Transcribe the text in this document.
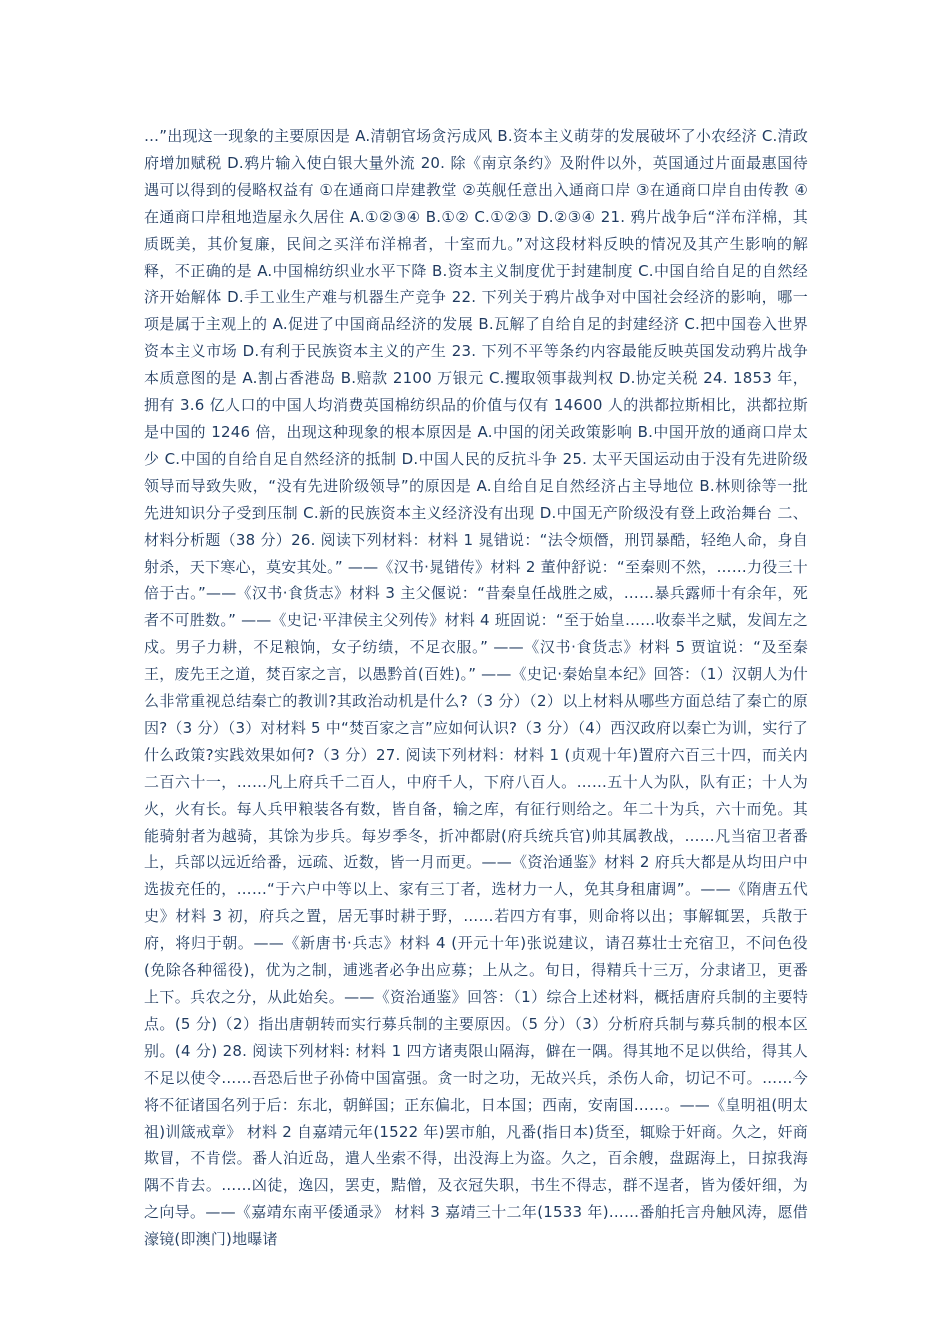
…”出现这一现象的主要原因是 A.清朝官场贪污成风 B.资本主义萌芽的发展破坏了小农经济 C.清政府增加赋税 D.鸦片输入使白银大量外流 20. 除《南京条约》及附件以外，英国通过片面最惠国待遇可以得到的侵略权益有 ①在通商口岸建教堂 ②英舰任意出入通商口岸 ③在通商口岸自由传教 ④在通商口岸租地造屋永久居住 A.①②③④ B.①② C.①②③ D.②③④ 21. 鸦片战争后“洋布洋棉，其质既美，其价复廉，民间之买洋布洋棉者，十室而九。”对这段材料反映的情况及其产生影响的解释，不正确的是 A.中国棉纺织业水平下降 B.资本主义制度优于封建制度 C.中国自给自足的自然经济开始解体 D.手工业生产难与机器生产竞争 22. 下列关于鸦片战争对中国社会经济的影响，哪一项是属于主观上的 A.促进了中国商品经济的发展 B.瓦解了自给自足的封建经济 C.把中国卷入世界资本主义市场 D.有利于民族资本主义的产生 23. 下列不平等条约内容最能反映英国发动鸦片战争本质意图的是 A.割占香港岛 B.赔款 2100 万银元 C.攫取领事裁判权 D.协定关税 24. 1853 年，拥有 3.6 亿人口的中国人均消费英国棉纺织品的价值与仅有 14600 人的洪都拉斯相比，洪都拉斯是中国的 1246 倍，出现这种现象的根本原因是 A.中国的闭关政策影响 B.中国开放的通商口岸太少 C.中国的自给自足自然经济的抵制 D.中国人民的反抗斗争 25. 太平天国运动由于没有先进阶级领导而导致失败，“没有先进阶级领导”的原因是 A.自给自足自然经济占主导地位 B.林则徐等一批先进知识分子受到压制 C.新的民族资本主义经济没有出现 D.中国无产阶级没有登上政治舞台 二、材料分析题（38 分）26. 阅读下列材料：材料 1 晁错说：“法令烦僭，刑罚暴酷，轻绝人命，身自射杀，天下寒心，莫安其处。” ——《汉书·晁错传》材料 2 董仲舒说：“至秦则不然，……力役三十倍于古。”——《汉书·食货志》材料 3 主父偃说：“昔秦皇任战胜之威，……暴兵露师十有余年，死者不可胜数。” ——《史记·平津侯主父列传》材料 4 班固说：“至于始皇……收泰半之赋，发闾左之戍。男子力耕，不足粮饷，女子纺绩，不足衣服。” ——《汉书·食货志》材料 5 贾谊说：“及至秦王，废先王之道，焚百家之言，以愚黔首(百姓)。” ——《史记·秦始皇本纪》回答：（1）汉朝人为什么非常重视总结秦亡的教训?其政治动机是什么?（3 分）（2）以上材料从哪些方面总结了秦亡的原因?（3 分）（3）对材料 5 中“焚百家之言”应如何认识?（3 分）（4）西汉政府以秦亡为训，实行了什么政策?实践效果如何?（3 分）27. 阅读下列材料：材料 1 (贞观十年)置府六百三十四，而关内二百六十一，……凡上府兵千二百人，中府千人，下府八百人。……五十人为队，队有正；十人为火，火有长。每人兵甲粮装各有数，皆自备，输之库，有征行则给之。年二十为兵，六十而免。其能骑射者为越骑，其馀为步兵。每岁季冬，折冲都尉(府兵统兵官)帅其属教战，……凡当宿卫者番上，兵部以远近给番，远疏、近数，皆一月而更。——《资治通鉴》材料 2 府兵大都是从均田户中选拔充任的，……“于六户中等以上、家有三丁者，选材力一人，免其身租庸调”。——《隋唐五代史》材料 3 初，府兵之置，居无事时耕于野，……若四方有事，则命将以出；事解辄罢，兵散于府，将归于朝。——《新唐书·兵志》材料 4 (开元十年)张说建议，请召募壮士充宿卫，不问色役(免除各种徭役)，优为之制，逋逃者必争出应募；上从之。旬日，得精兵十三万，分隶诸卫，更番上下。兵农之分，从此始矣。——《资治通鉴》回答：（1）综合上述材料，概括唐府兵制的主要特点。(5 分)（2）指出唐朝转而实行募兵制的主要原因。（5 分）（3）分析府兵制与募兵制的根本区别。(4 分) 28. 阅读下列材料: 材料 1 四方诸夷限山隔海，僻在一隅。得其地不足以供给，得其人不足以使令……吾恐后世子孙倚中国富强。贪一时之功，无故兴兵，杀伤人命，切记不可。……今将不征诸国名列于后：东北，朝鲜国；正东偏北，日本国；西南，安南国……。——《皇明祖(明太祖)训箴戒章》 材料 2 自嘉靖元年(1522 年)罢市舶，凡番(指日本)货至，辄赊于奸商。久之，奸商欺冒，不肯偿。番人泊近岛，遣人坐索不得，出没海上为盗。久之，百余艘，盘踞海上，日掠我海隅不肯去。……凶徒，逸囚，罢吏，黠僧，及衣冠失职，书生不得志，群不逞者，皆为倭奸细，为之向导。——《嘉靖东南平倭通录》 材料 3 嘉靖三十二年(1533 年)……番舶托言舟触风涛，愿借濠镜(即澳门)地曝诸
